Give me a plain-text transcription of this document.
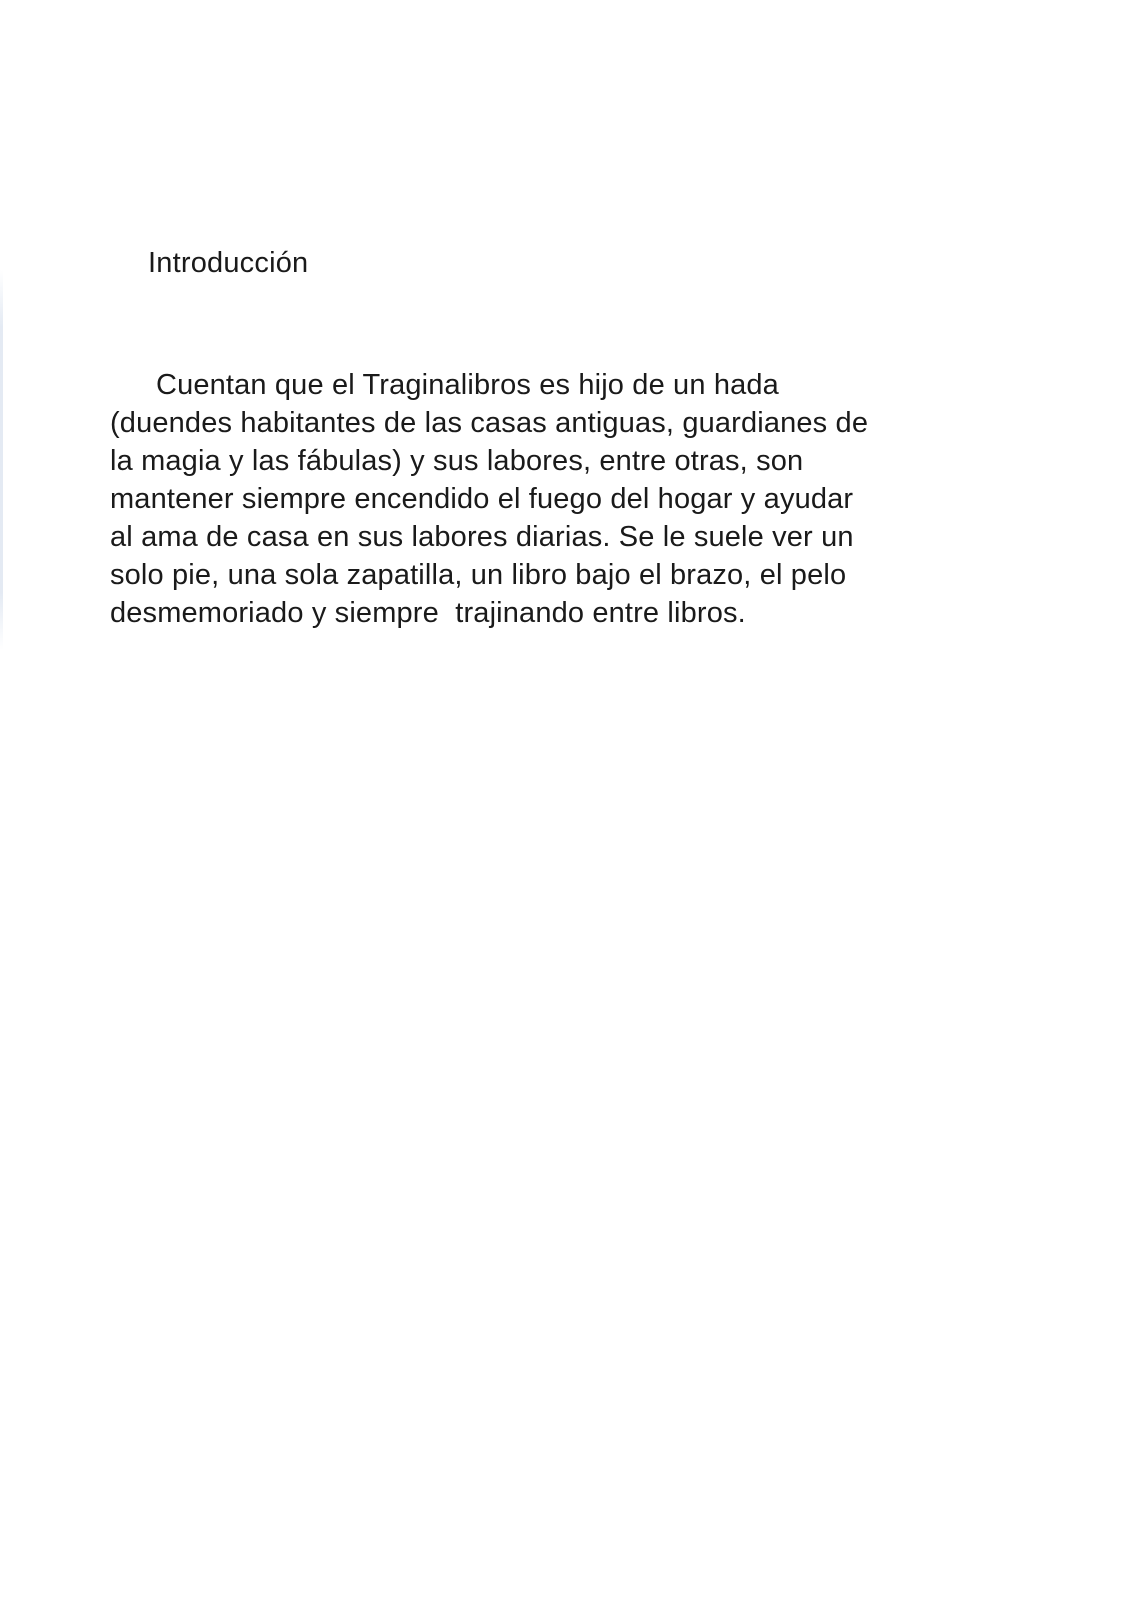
Introducción
Cuentan que el Traginalibros es hijo de un hada
(duendes habitantes de las casas antiguas, guardianes de
la magia y las fábulas) y sus labores, entre otras, son
mantener siempre encendido el fuego del hogar y ayudar
al ama de casa en sus labores diarias. Se le suele ver un
solo pie, una sola zapatilla, un libro bajo el brazo, el pelo
desmemoriado y siempre  trajinando entre libros.
